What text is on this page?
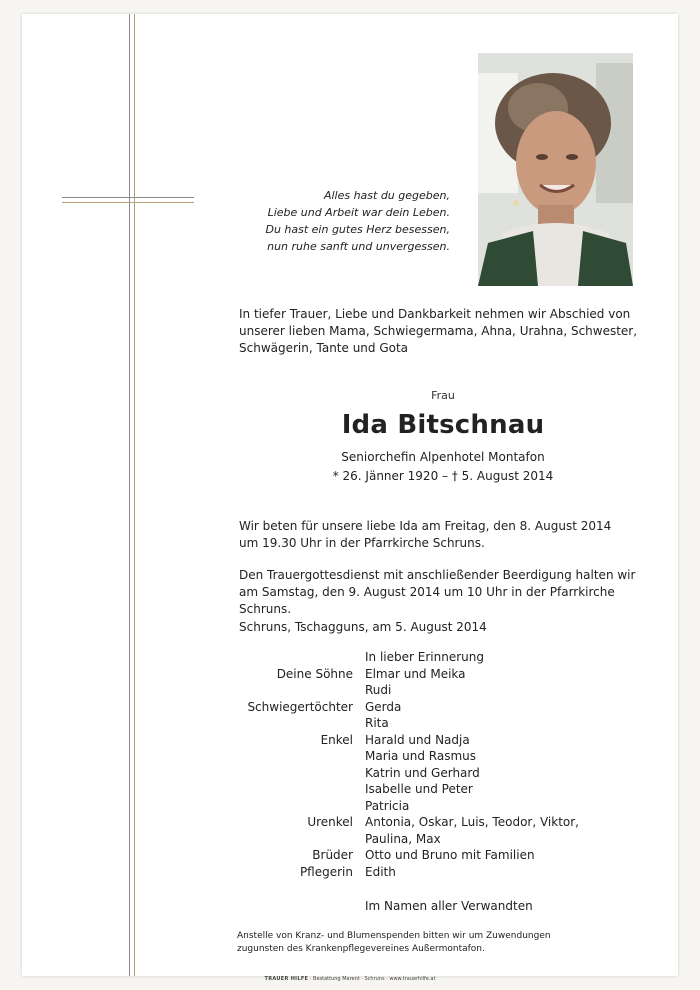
Alles hast du gegeben,
Liebe und Arbeit war dein Leben.
Du hast ein gutes Herz besessen,
nun ruhe sanft und unvergessen.
In tiefer Trauer, Liebe und Dankbarkeit nehmen wir Abschied von unserer lieben Mama, Schwiegermama, Ahna, Urahna, Schwester, Schwägerin, Tante und Gota
Frau
Ida Bitschnau
Seniorchefin Alpenhotel Montafon
* 26. Jänner 1920 – † 5. August 2014
Wir beten für unsere liebe Ida am Freitag, den 8. August 2014
um 19.30 Uhr in der Pfarrkirche Schruns.
Den Trauergottesdienst mit anschließender Beerdigung halten wir
am Samstag, den 9. August 2014 um 10 Uhr in der Pfarrkirche Schruns.
Schruns, Tschagguns, am 5. August 2014
In lieber Erinnerung
Deine Söhne Elmar und Meika
Rudi
Schwiegertöchter Gerda
Rita
Enkel Harald und Nadja
Maria und Rasmus
Katrin und Gerhard
Isabelle und Peter
Patricia
Urenkel Antonia, Oskar, Luis, Teodor, Viktor,
Paulina, Max
Brüder Otto und Bruno mit Familien
Pflegerin Edith
Im Namen aller Verwandten
Anstelle von Kranz- und Blumenspenden bitten wir um Zuwendungen
zugunsten des Krankenpflegevereines Außermontafon.
TRAUER HILFE · Bestattung Marent · Schruns · www.trauerhilfe.at
